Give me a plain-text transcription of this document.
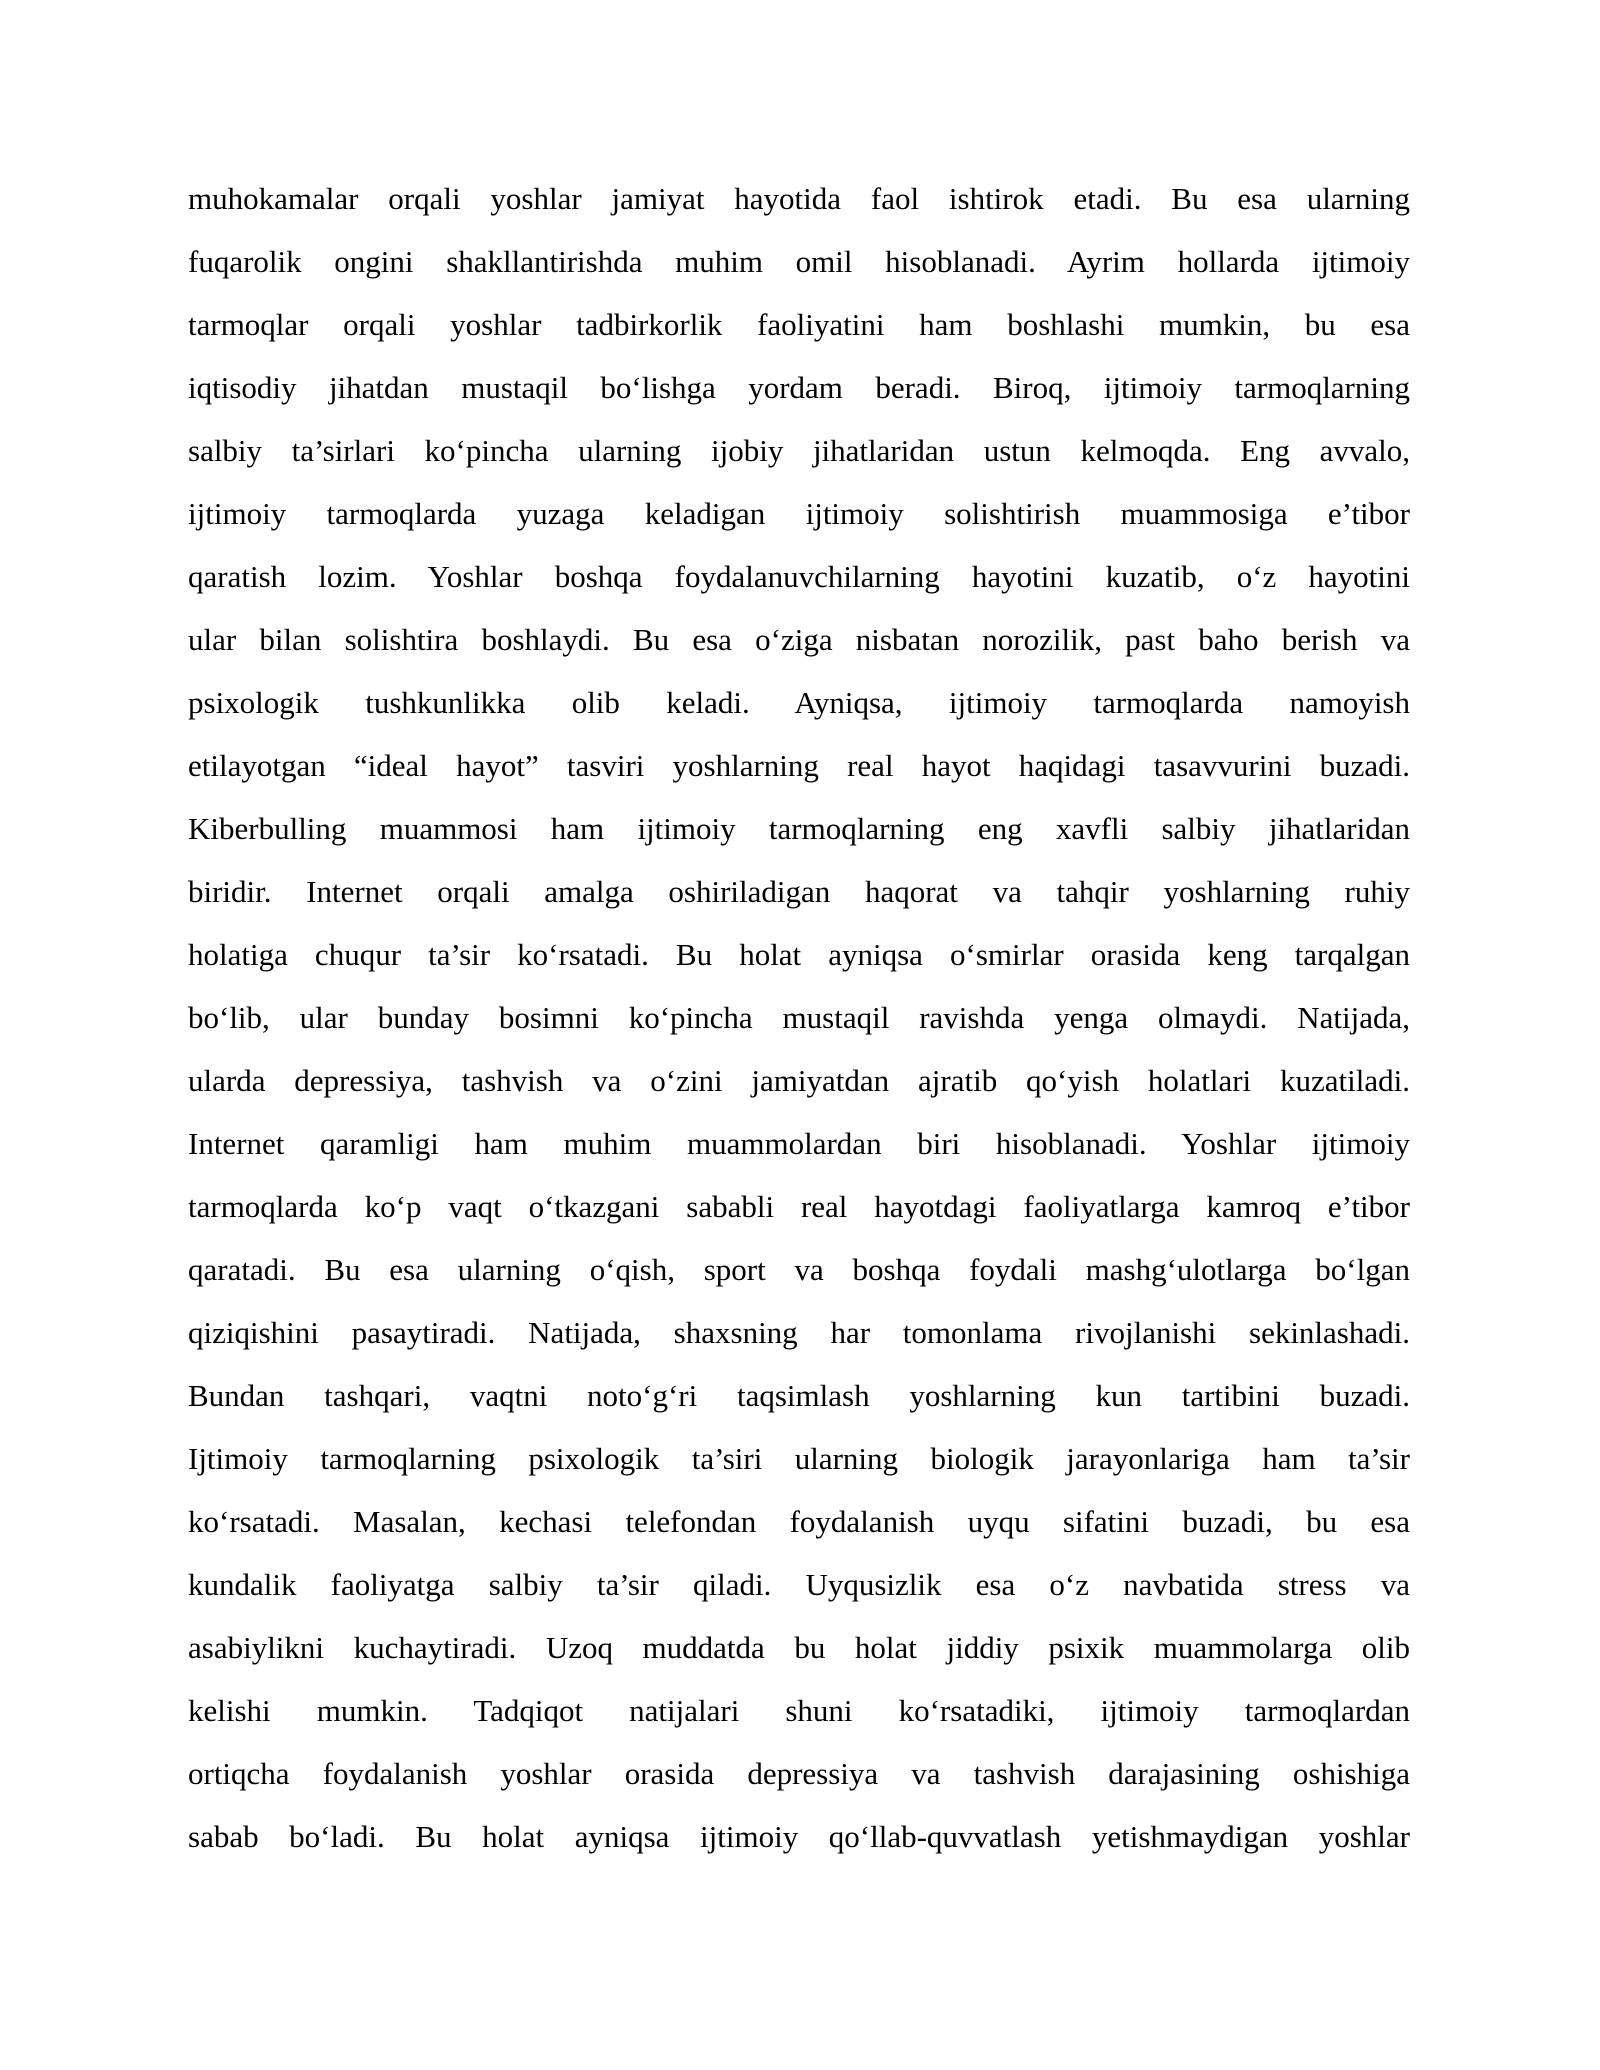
muhokamalar orqali yoshlar jamiyat hayotida faol ishtirok etadi. Bu esa ularning
fuqarolik ongini shakllantirishda muhim omil hisoblanadi. Ayrim hollarda ijtimoiy
tarmoqlar orqali yoshlar tadbirkorlik faoliyatini ham boshlashi mumkin, bu esa
iqtisodiy jihatdan mustaqil bo‘lishga yordam beradi. Biroq, ijtimoiy tarmoqlarning
salbiy ta’sirlari ko‘pincha ularning ijobiy jihatlaridan ustun kelmoqda. Eng avvalo,
ijtimoiy tarmoqlarda yuzaga keladigan ijtimoiy solishtirish muammosiga e’tibor
qaratish lozim. Yoshlar boshqa foydalanuvchilarning hayotini kuzatib, o‘z hayotini
ular bilan solishtira boshlaydi. Bu esa o‘ziga nisbatan norozilik, past baho berish va
psixologik tushkunlikka olib keladi. Ayniqsa, ijtimoiy tarmoqlarda namoyish
etilayotgan “ideal hayot” tasviri yoshlarning real hayot haqidagi tasavvurini buzadi.
Kiberbulling muammosi ham ijtimoiy tarmoqlarning eng xavfli salbiy jihatlaridan
biridir. Internet orqali amalga oshiriladigan haqorat va tahqir yoshlarning ruhiy
holatiga chuqur ta’sir ko‘rsatadi. Bu holat ayniqsa o‘smirlar orasida keng tarqalgan
bo‘lib, ular bunday bosimni ko‘pincha mustaqil ravishda yenga olmaydi. Natijada,
ularda depressiya, tashvish va o‘zini jamiyatdan ajratib qo‘yish holatlari kuzatiladi.
Internet qaramligi ham muhim muammolardan biri hisoblanadi. Yoshlar ijtimoiy
tarmoqlarda ko‘p vaqt o‘tkazgani sababli real hayotdagi faoliyatlarga kamroq e’tibor
qaratadi. Bu esa ularning o‘qish, sport va boshqa foydali mashg‘ulotlarga bo‘lgan
qiziqishini pasaytiradi. Natijada, shaxsning har tomonlama rivojlanishi sekinlashadi.
Bundan tashqari, vaqtni noto‘g‘ri taqsimlash yoshlarning kun tartibini buzadi.
Ijtimoiy tarmoqlarning psixologik ta’siri ularning biologik jarayonlariga ham ta’sir
ko‘rsatadi. Masalan, kechasi telefondan foydalanish uyqu sifatini buzadi, bu esa
kundalik faoliyatga salbiy ta’sir qiladi. Uyqusizlik esa o‘z navbatida stress va
asabiylikni kuchaytiradi. Uzoq muddatda bu holat jiddiy psixik muammolarga olib
kelishi mumkin. Tadqiqot natijalari shuni ko‘rsatadiki, ijtimoiy tarmoqlardan
ortiqcha foydalanish yoshlar orasida depressiya va tashvish darajasining oshishiga
sabab bo‘ladi. Bu holat ayniqsa ijtimoiy qo‘llab-quvvatlash yetishmaydigan yoshlar
